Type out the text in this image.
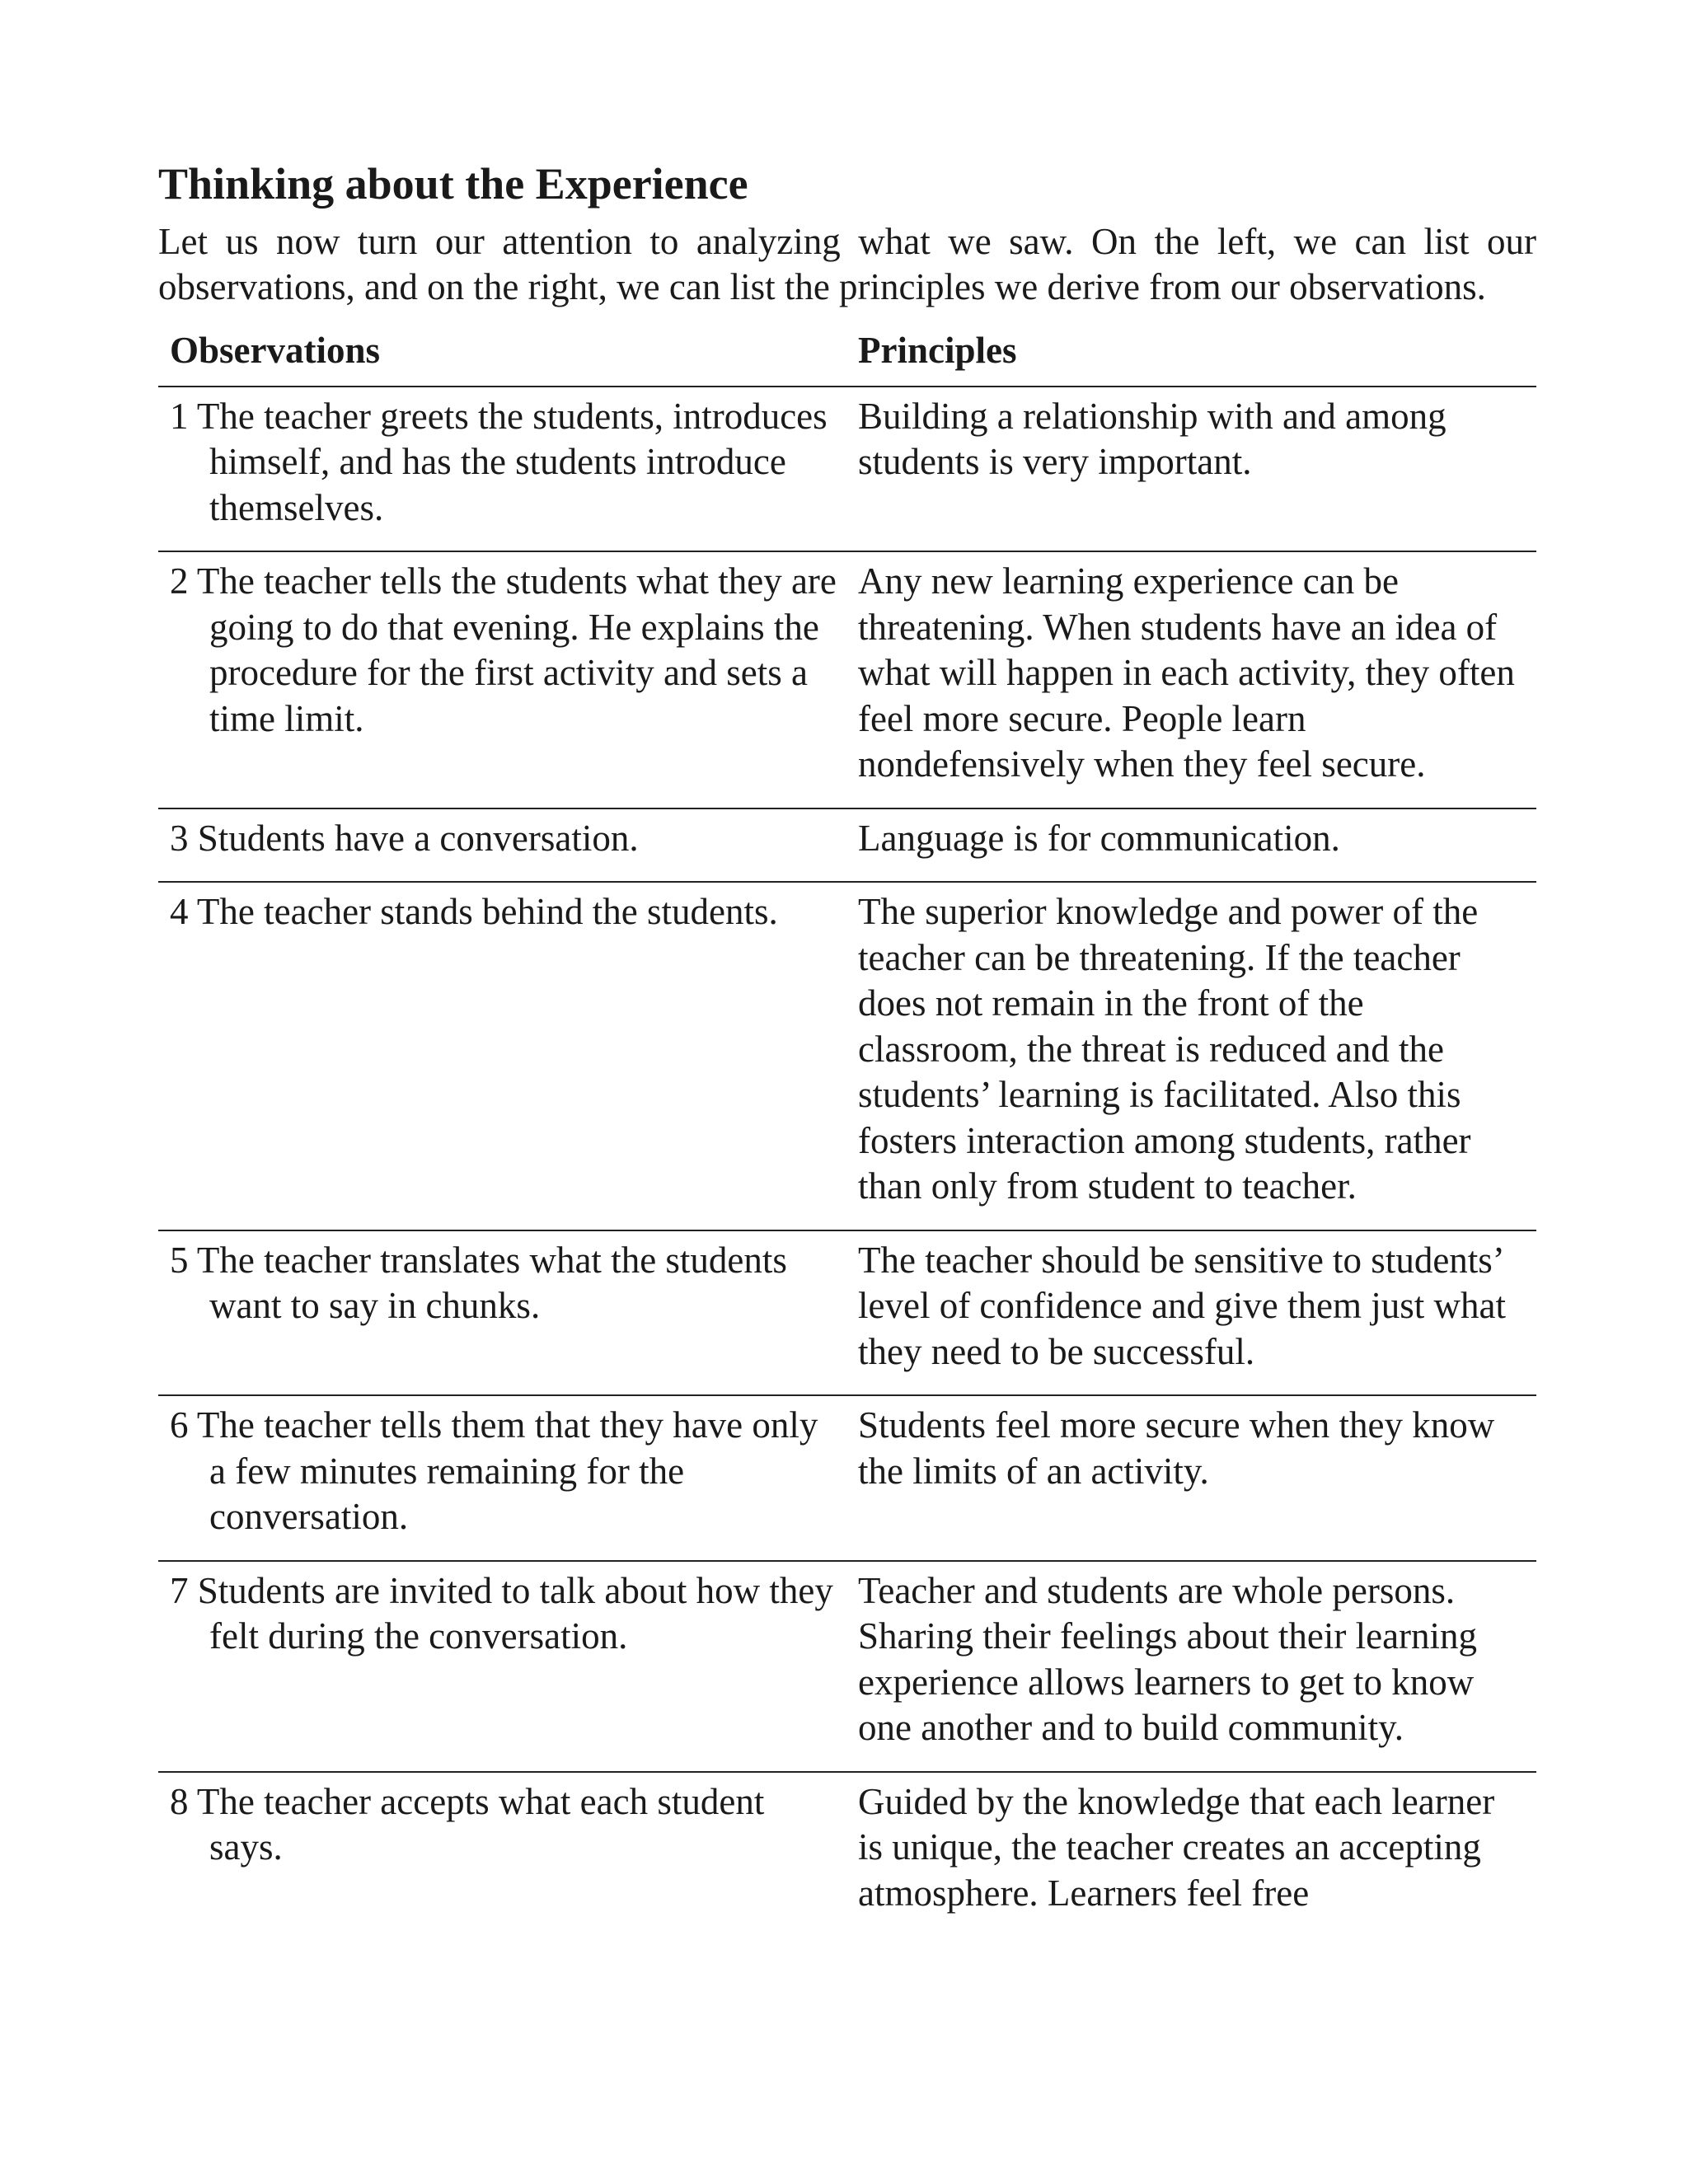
Thinking about the Experience

Let us now turn our attention to analyzing what we saw. On the left, we can list our observations, and on the right, we can list the principles we derive from our observations.

Observations	Principles
1 The teacher greets the students, introduces himself, and has the students introduce themselves.	Building a relationship with and among students is very important.
2 The teacher tells the students what they are going to do that evening. He explains the procedure for the first activity and sets a time limit.	Any new learning experience can be threatening. When students have an idea of what will happen in each activity, they often feel more secure. People learn nondefensively when they feel secure.
3 Students have a conversation.	Language is for communication.
4 The teacher stands behind the students.	The superior knowledge and power of the teacher can be threatening. If the teacher does not remain in the front of the classroom, the threat is reduced and the students’ learning is facilitated. Also this fosters interaction among students, rather than only from student to teacher.
5 The teacher translates what the students want to say in chunks.	The teacher should be sensitive to students’ level of confidence and give them just what they need to be successful.
6 The teacher tells them that they have only a few minutes remaining for the conversation.	Students feel more secure when they know the limits of an activity.
7 Students are invited to talk about how they felt during the conversation.	Teacher and students are whole persons. Sharing their feelings about their learning experience allows learners to get to know one another and to build community.
8 The teacher accepts what each student says.	Guided by the knowledge that each learner is unique, the teacher creates an accepting atmosphere. Learners feel free
